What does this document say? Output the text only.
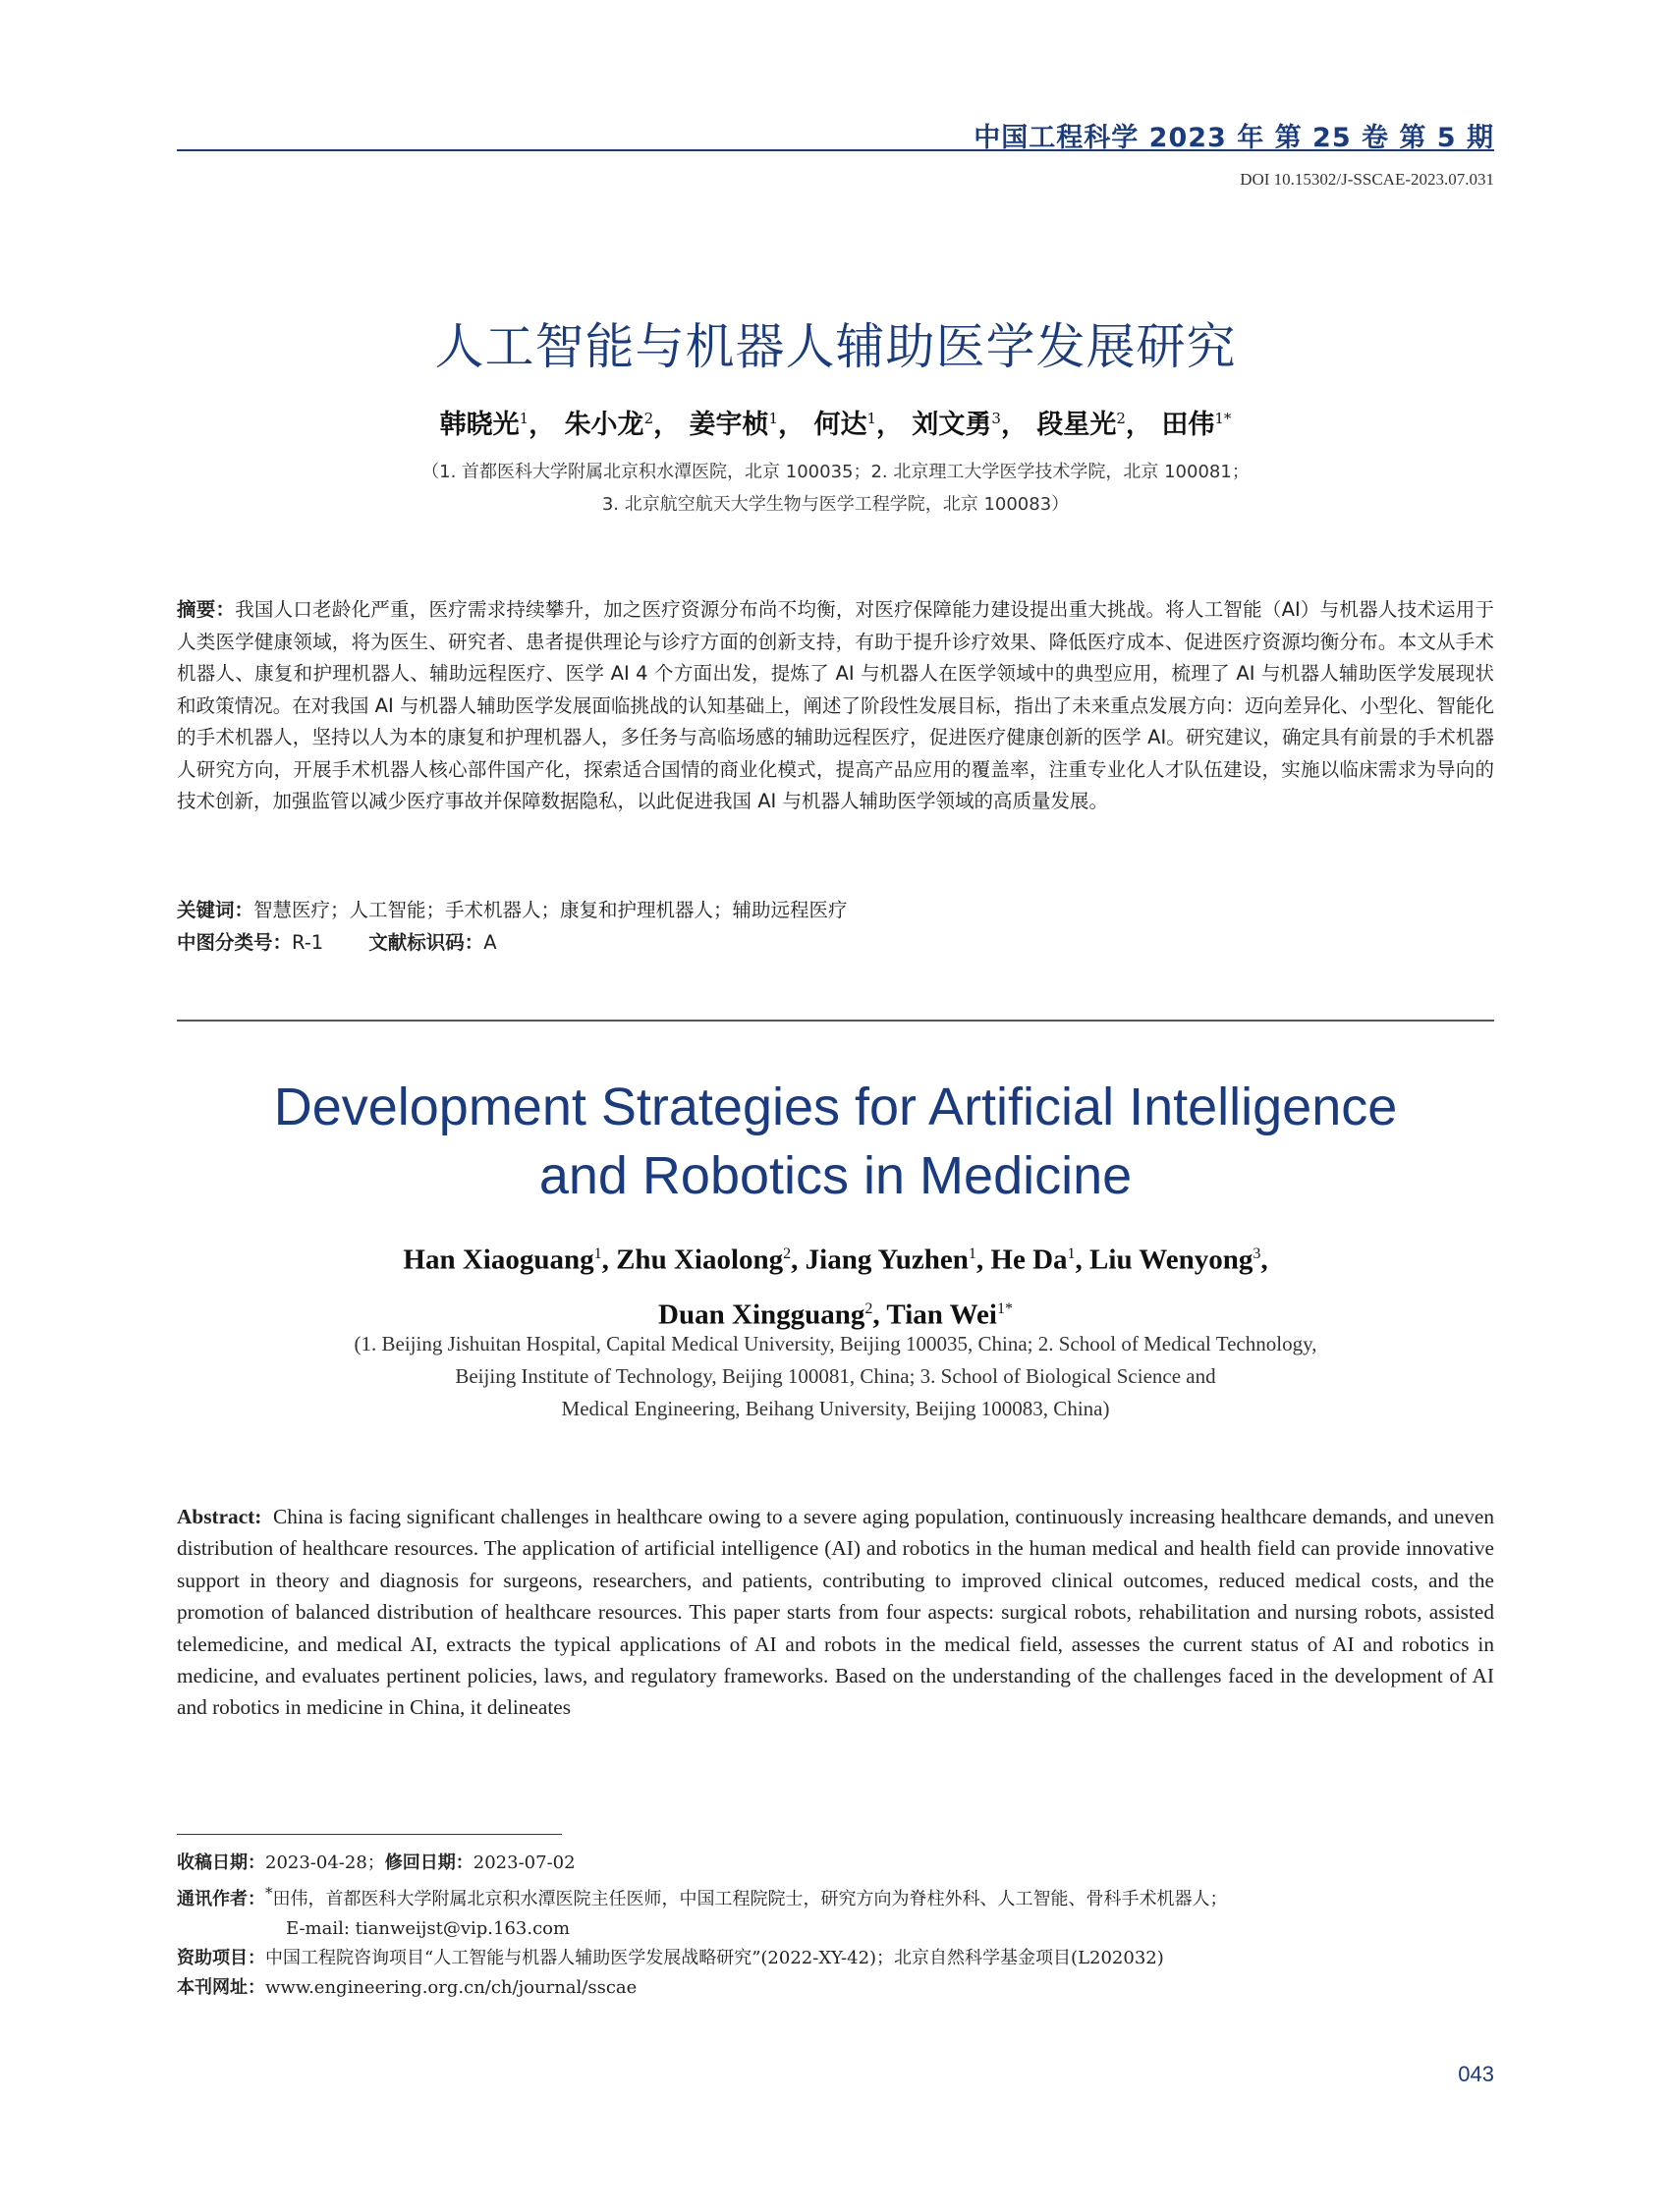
中国工程科学 2023 年 第 25 卷 第 5 期
DOI 10.15302/J-SSCAE-2023.07.031
人工智能与机器人辅助医学发展研究
韩晓光$^1$， 朱小龙$^2$， 姜宇桢$^1$， 何达$^1$， 刘文勇$^3$， 段星光$^2$， 田伟$^{1*}$
（1. 首都医科大学附属北京积水潭医院，北京 100035；2. 北京理工大学医学技术学院，北京 100081；
3. 北京航空航天大学生物与医学工程学院，北京 100083）
摘要：我国人口老龄化严重，医疗需求持续攀升，加之医疗资源分布尚不均衡，对医疗保障能力建设提出重大挑战。将人工智能（AI）与机器人技术运用于人类医学健康领域，将为医生、研究者、患者提供理论与诊疗方面的创新支持，有助于提升诊疗效果、降低医疗成本、促进医疗资源均衡分布。本文从手术机器人、康复和护理机器人、辅助远程医疗、医学 AI 4 个方面出发，提炼了 AI 与机器人在医学领域中的典型应用，梳理了 AI 与机器人辅助医学发展现状和政策情况。在对我国 AI 与机器人辅助医学发展面临挑战的认知基础上，阐述了阶段性发展目标，指出了未来重点发展方向：迈向差异化、小型化、智能化的手术机器人，坚持以人为本的康复和护理机器人，多任务与高临场感的辅助远程医疗，促进医疗健康创新的医学 AI。研究建议，确定具有前景的手术机器人研究方向，开展手术机器人核心部件国产化，探索适合国情的商业化模式，提高产品应用的覆盖率，注重专业化人才队伍建设，实施以临床需求为导向的技术创新，加强监管以减少医疗事故并保障数据隐私，以此促进我国 AI 与机器人辅助医学领域的高质量发展。
关键词：智慧医疗；人工智能；手术机器人；康复和护理机器人；辅助远程医疗
中图分类号：R-1 文献标识码：A
Development Strategies for Artificial Intelligence
and Robotics in Medicine
Han Xiaoguang$^1$, Zhu Xiaolong$^2$, Jiang Yuzhen$^1$, He Da$^1$, Liu Wenyong$^3$,
Duan Xingguang$^2$, Tian Wei$^{1*}$
(1. Beijing Jishuitan Hospital, Capital Medical University, Beijing 100035, China; 2. School of Medical Technology,
Beijing Institute of Technology, Beijing 100081, China; 3. School of Biological Science and
Medical Engineering, Beihang University, Beijing 100083, China)
Abstract: China is facing significant challenges in healthcare owing to a severe aging population, continuously increasing healthcare demands, and uneven distribution of healthcare resources. The application of artificial intelligence (AI) and robotics in the human medical and health field can provide innovative support in theory and diagnosis for surgeons, researchers, and patients, contributing to improved clinical outcomes, reduced medical costs, and the promotion of balanced distribution of healthcare resources. This paper starts from four aspects: surgical robots, rehabilitation and nursing robots, assisted telemedicine, and medical AI, extracts the typical applications of AI and robots in the medical field, assesses the current status of AI and robotics in medicine, and evaluates pertinent policies, laws, and regulatory frameworks. Based on the understanding of the challenges faced in the development of AI and robotics in medicine in China, it delineates
收稿日期：2023-04-28；修回日期：2023-07-02
通讯作者：*田伟，首都医科大学附属北京积水潭医院主任医师，中国工程院院士，研究方向为脊柱外科、人工智能、骨科手术机器人；
E-mail: tianweijst@vip.163.com
资助项目：中国工程院咨询项目“人工智能与机器人辅助医学发展战略研究”(2022-XY-42)；北京自然科学基金项目(L202032)
本刊网址：www.engineering.org.cn/ch/journal/sscae
043
